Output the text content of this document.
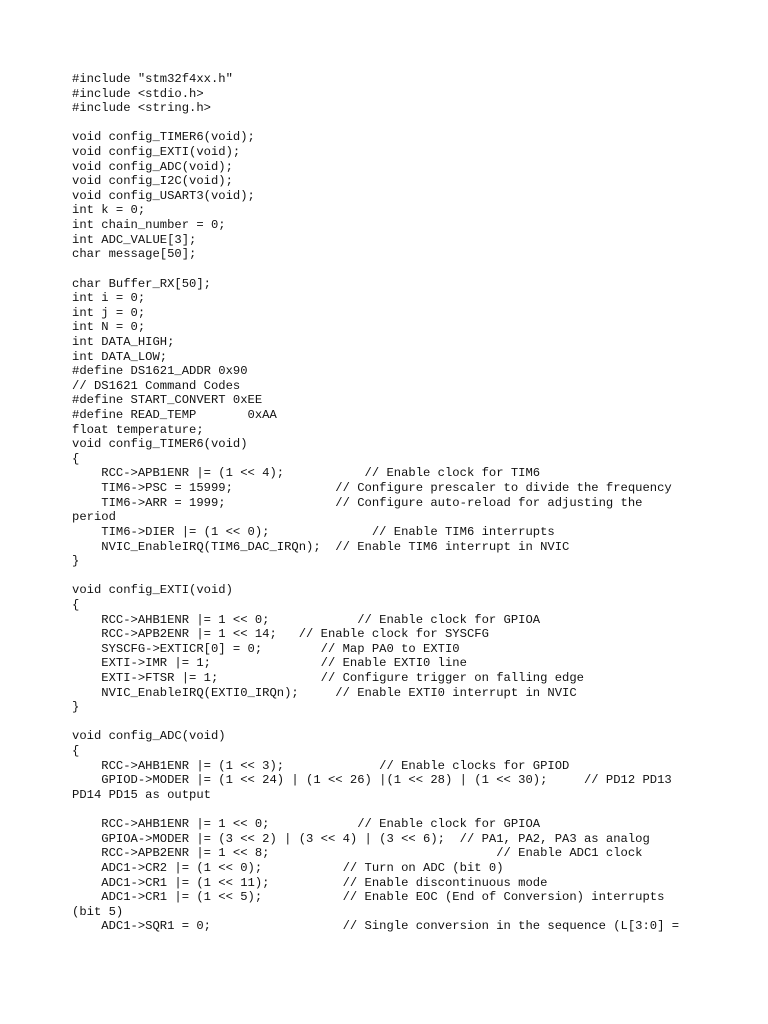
#include "stm32f4xx.h"
#include <stdio.h>
#include <string.h>
void config_TIMER6(void);
void config_EXTI(void);
void config_ADC(void);
void config_I2C(void);
void config_USART3(void);
int k = 0;
int chain_number = 0;
int ADC_VALUE[3];
char message[50];
char Buffer_RX[50];
int i = 0;
int j = 0;
int N = 0;
int DATA_HIGH;
int DATA_LOW;
#define DS1621_ADDR 0x90
// DS1621 Command Codes
#define START_CONVERT 0xEE
#define READ_TEMP       0xAA
float temperature;
void config_TIMER6(void)
{
RCC->APB1ENR |= (1 << 4);           // Enable clock for TIM6
TIM6->PSC = 15999;              // Configure prescaler to divide the frequency
TIM6->ARR = 1999;               // Configure auto-reload for adjusting the
period
TIM6->DIER |= (1 << 0);              // Enable TIM6 interrupts
NVIC_EnableIRQ(TIM6_DAC_IRQn);  // Enable TIM6 interrupt in NVIC
}
void config_EXTI(void)
{
RCC->AHB1ENR |= 1 << 0;            // Enable clock for GPIOA
RCC->APB2ENR |= 1 << 14;   // Enable clock for SYSCFG
SYSCFG->EXTICR[0] = 0;        // Map PA0 to EXTI0
EXTI->IMR |= 1;               // Enable EXTI0 line
EXTI->FTSR |= 1;              // Configure trigger on falling edge
NVIC_EnableIRQ(EXTI0_IRQn);     // Enable EXTI0 interrupt in NVIC
}
void config_ADC(void)
{
RCC->AHB1ENR |= (1 << 3);             // Enable clocks for GPIOD
GPIOD->MODER |= (1 << 24) | (1 << 26) |(1 << 28) | (1 << 30);     // PD12 PD13
PD14 PD15 as output
RCC->AHB1ENR |= 1 << 0;            // Enable clock for GPIOA
GPIOA->MODER |= (3 << 2) | (3 << 4) | (3 << 6);  // PA1, PA2, PA3 as analog
RCC->APB2ENR |= 1 << 8;                               // Enable ADC1 clock
ADC1->CR2 |= (1 << 0);           // Turn on ADC (bit 0)
ADC1->CR1 |= (1 << 11);          // Enable discontinuous mode
ADC1->CR1 |= (1 << 5);           // Enable EOC (End of Conversion) interrupts
(bit 5)
ADC1->SQR1 = 0;                  // Single conversion in the sequence (L[3:0] =
